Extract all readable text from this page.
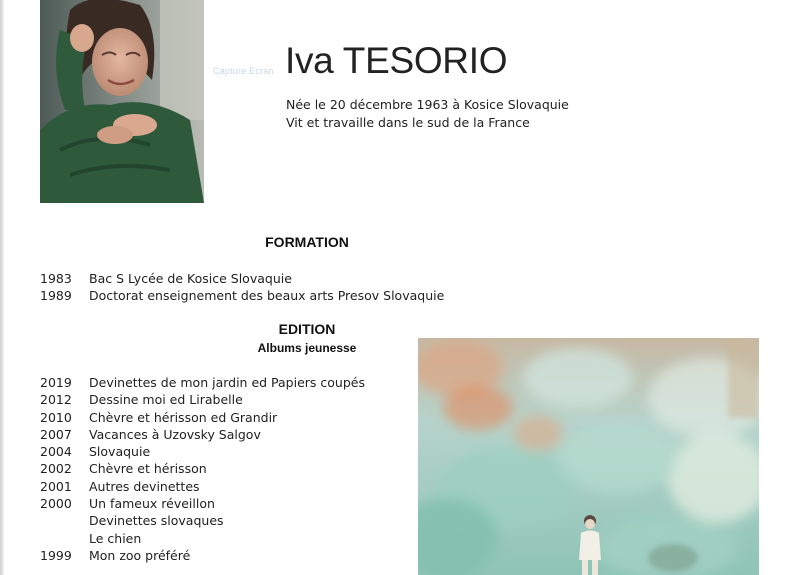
Capture Ecran Iva TESORIO
Née le 20 décembre 1963 à Kosice Slovaquie
Vit et travaille dans le sud de la France
FORMATION
1983	Bac S Lycée de Kosice Slovaquie
1989	Doctorat enseignement des beaux arts Presov Slovaquie
EDITION
Albums jeunesse
2019	Devinettes de mon jardin ed Papiers coupés
2012	Dessine moi ed Lirabelle
2010	Chèvre et hérisson ed Grandir
2007	Vacances à Uzovsky Salgov
2004	Slovaquie
2002	Chèvre et hérisson
2001	Autres devinettes
2000	Un fameux réveillon
Devinettes slovaques
Le chien
1999	Mon zoo préféré
